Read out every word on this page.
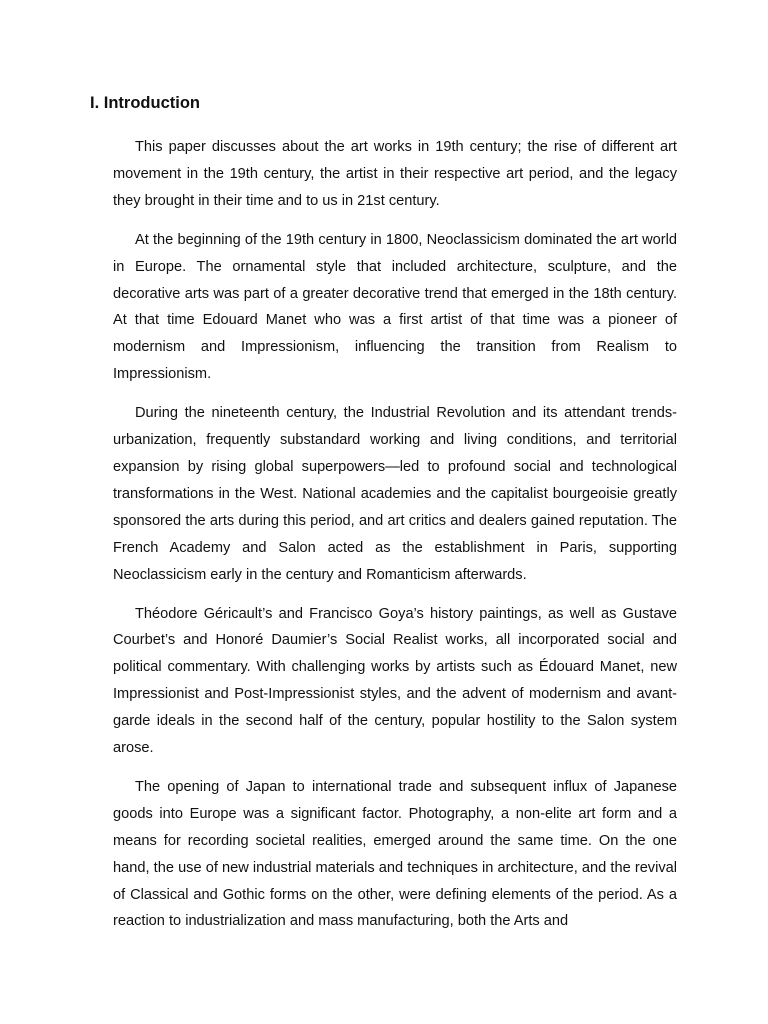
I. Introduction

This paper discusses about the art works in 19th century; the rise of different art movement in the 19th century, the artist in their respective art period, and the legacy they brought in their time and to us in 21st century.

At the beginning of the 19th century in 1800, Neoclassicism dominated the art world in Europe. The ornamental style that included architecture, sculpture, and the decorative arts was part of a greater decorative trend that emerged in the 18th century. At that time Edouard Manet who was a first artist of that time was a pioneer of modernism and Impressionism, influencing the transition from Realism to Impressionism.

During the nineteenth century, the Industrial Revolution and its attendant trends-urbanization, frequently substandard working and living conditions, and territorial expansion by rising global superpowers—led to profound social and technological transformations in the West. National academies and the capitalist bourgeoisie greatly sponsored the arts during this period, and art critics and dealers gained reputation. The French Academy and Salon acted as the establishment in Paris, supporting Neoclassicism early in the century and Romanticism afterwards.

Théodore Géricault’s and Francisco Goya’s history paintings, as well as Gustave Courbet’s and Honoré Daumier’s Social Realist works, all incorporated social and political commentary. With challenging works by artists such as Édouard Manet, new Impressionist and Post-Impressionist styles, and the advent of modernism and avant-garde ideals in the second half of the century, popular hostility to the Salon system arose.

The opening of Japan to international trade and subsequent influx of Japanese goods into Europe was a significant factor. Photography, a non-elite art form and a means for recording societal realities, emerged around the same time. On the one hand, the use of new industrial materials and techniques in architecture, and the revival of Classical and Gothic forms on the other, were defining elements of the period. As a reaction to industrialization and mass manufacturing, both the Arts and
